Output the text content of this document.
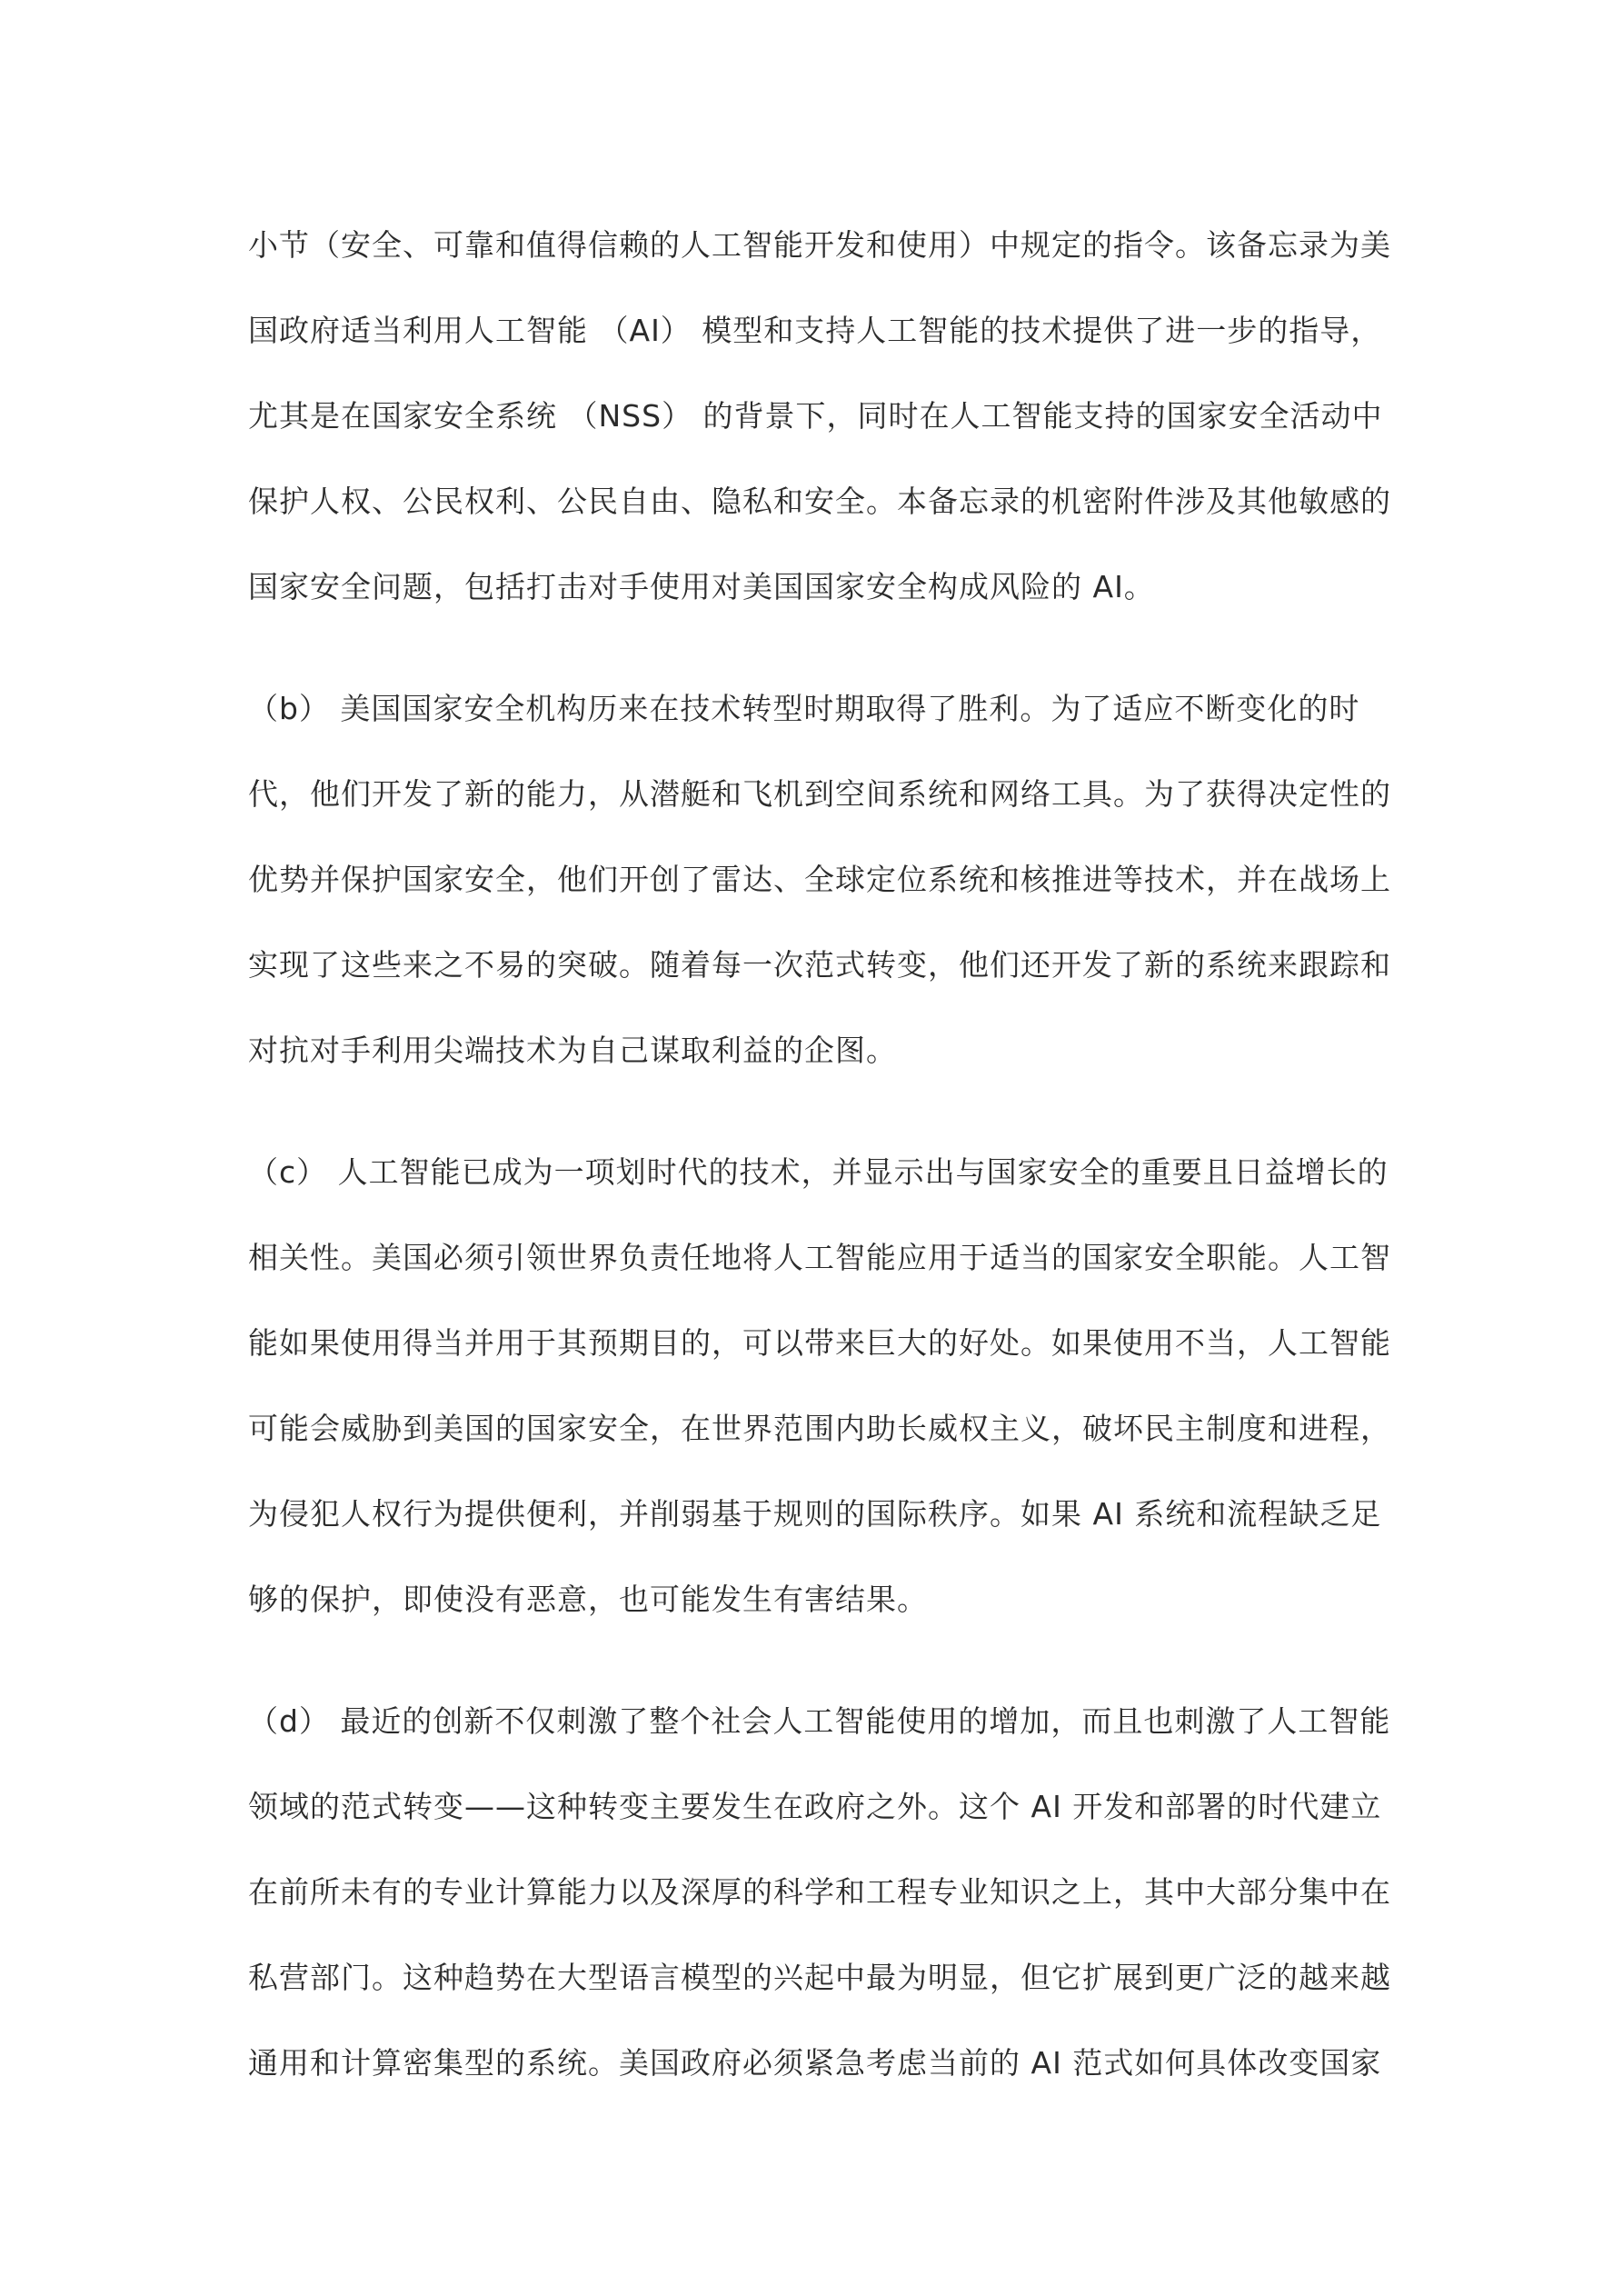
小节（安全、可靠和值得信赖的人工智能开发和使用）中规定的指令。该备忘录为美
国政府适当利用人工智能 （AI） 模型和支持人工智能的技术提供了进一步的指导，
尤其是在国家安全系统 （NSS） 的背景下，同时在人工智能支持的国家安全活动中
保护人权、公民权利、公民自由、隐私和安全。本备忘录的机密附件涉及其他敏感的
国家安全问题，包括打击对手使用对美国国家安全构成风险的 AI。
（b） 美国国家安全机构历来在技术转型时期取得了胜利。为了适应不断变化的时
代，他们开发了新的能力，从潜艇和飞机到空间系统和网络工具。为了获得决定性的
优势并保护国家安全，他们开创了雷达、全球定位系统和核推进等技术，并在战场上
实现了这些来之不易的突破。随着每一次范式转变，他们还开发了新的系统来跟踪和
对抗对手利用尖端技术为自己谋取利益的企图。
（c） 人工智能已成为一项划时代的技术，并显示出与国家安全的重要且日益增长的
相关性。美国必须引领世界负责任地将人工智能应用于适当的国家安全职能。人工智
能如果使用得当并用于其预期目的，可以带来巨大的好处。如果使用不当，人工智能
可能会威胁到美国的国家安全，在世界范围内助长威权主义，破坏民主制度和进程，
为侵犯人权行为提供便利，并削弱基于规则的国际秩序。如果 AI 系统和流程缺乏足
够的保护，即使没有恶意，也可能发生有害结果。
（d） 最近的创新不仅刺激了整个社会人工智能使用的增加，而且也刺激了人工智能
领域的范式转变——这种转变主要发生在政府之外。这个 AI 开发和部署的时代建立
在前所未有的专业计算能力以及深厚的科学和工程专业知识之上，其中大部分集中在
私营部门。这种趋势在大型语言模型的兴起中最为明显，但它扩展到更广泛的越来越
通用和计算密集型的系统。美国政府必须紧急考虑当前的 AI 范式如何具体改变国家
